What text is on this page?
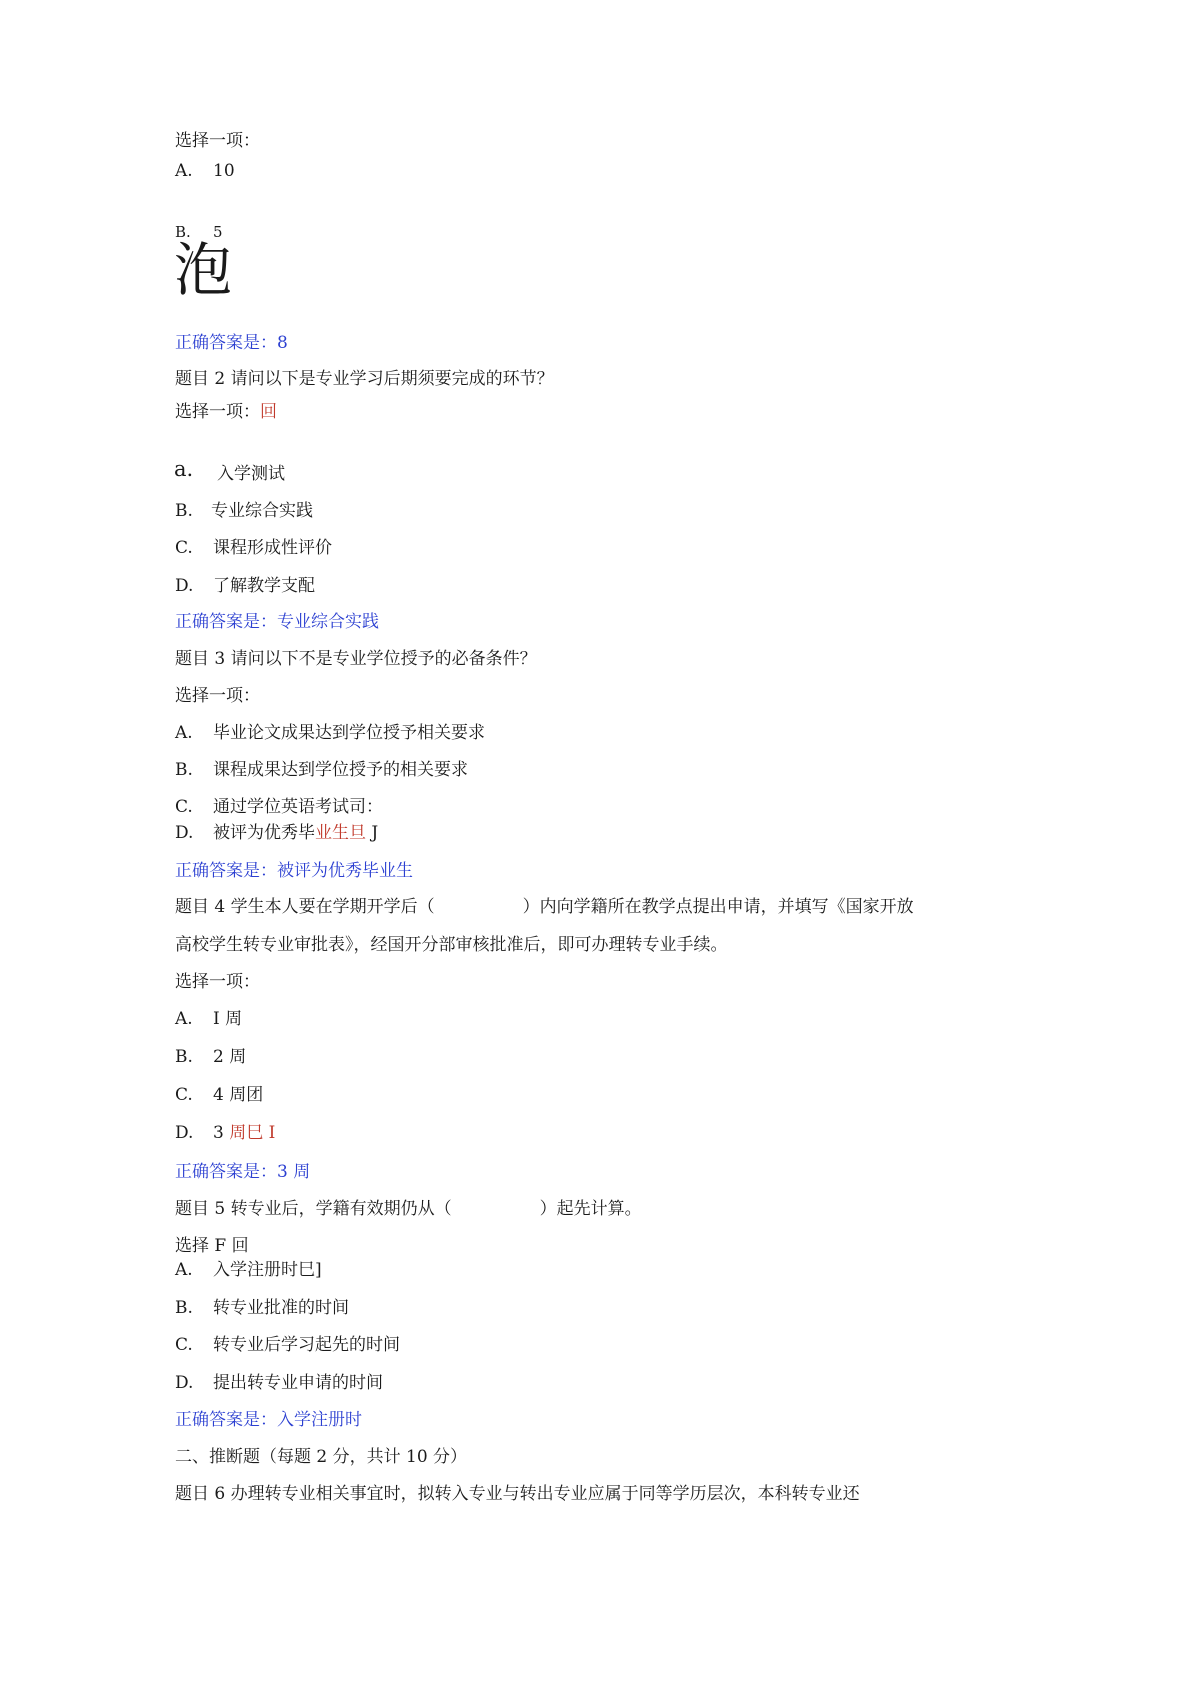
选择一项：
A. 10
B. 5
泡
正确答案是：8
题目 2 请问以下是专业学习后期须要完成的环节？
选择一项：回
a. 入学测试
B. 专业综合实践
C. 课程形成性评价
D. 了解教学支配
正确答案是：专业综合实践
题目 3 请问以下不是专业学位授予的必备条件？
选择一项：
A. 毕业论文成果达到学位授予相关要求
B. 课程成果达到学位授予的相关要求
C. 通过学位英语考试司：
D. 被评为优秀毕业生旦 J
正确答案是：被评为优秀毕业生
题目 4 学生本人要在学期开学后（	）内向学籍所在教学点提出申请，并填写《国家开放
高校学生转专业审批表》，经国开分部审核批准后，即可办理转专业手续。
选择一项：
A. I 周
B. 2 周
C. 4 周团
D. 3 周巳 I
正确答案是：3 周
题目 5 转专业后，学籍有效期仍从（	）起先计算。
选择 F 回
A. 入学注册时巳]
B. 转专业批准的时间
C. 转专业后学习起先的时间
D. 提出转专业申请的时间
正确答案是：入学注册时
二、推断题（每题 2 分，共计 10 分）
题日 6 办理转专业相关事宜时，拟转入专业与转出专业应属于同等学历层次，本科转专业还
